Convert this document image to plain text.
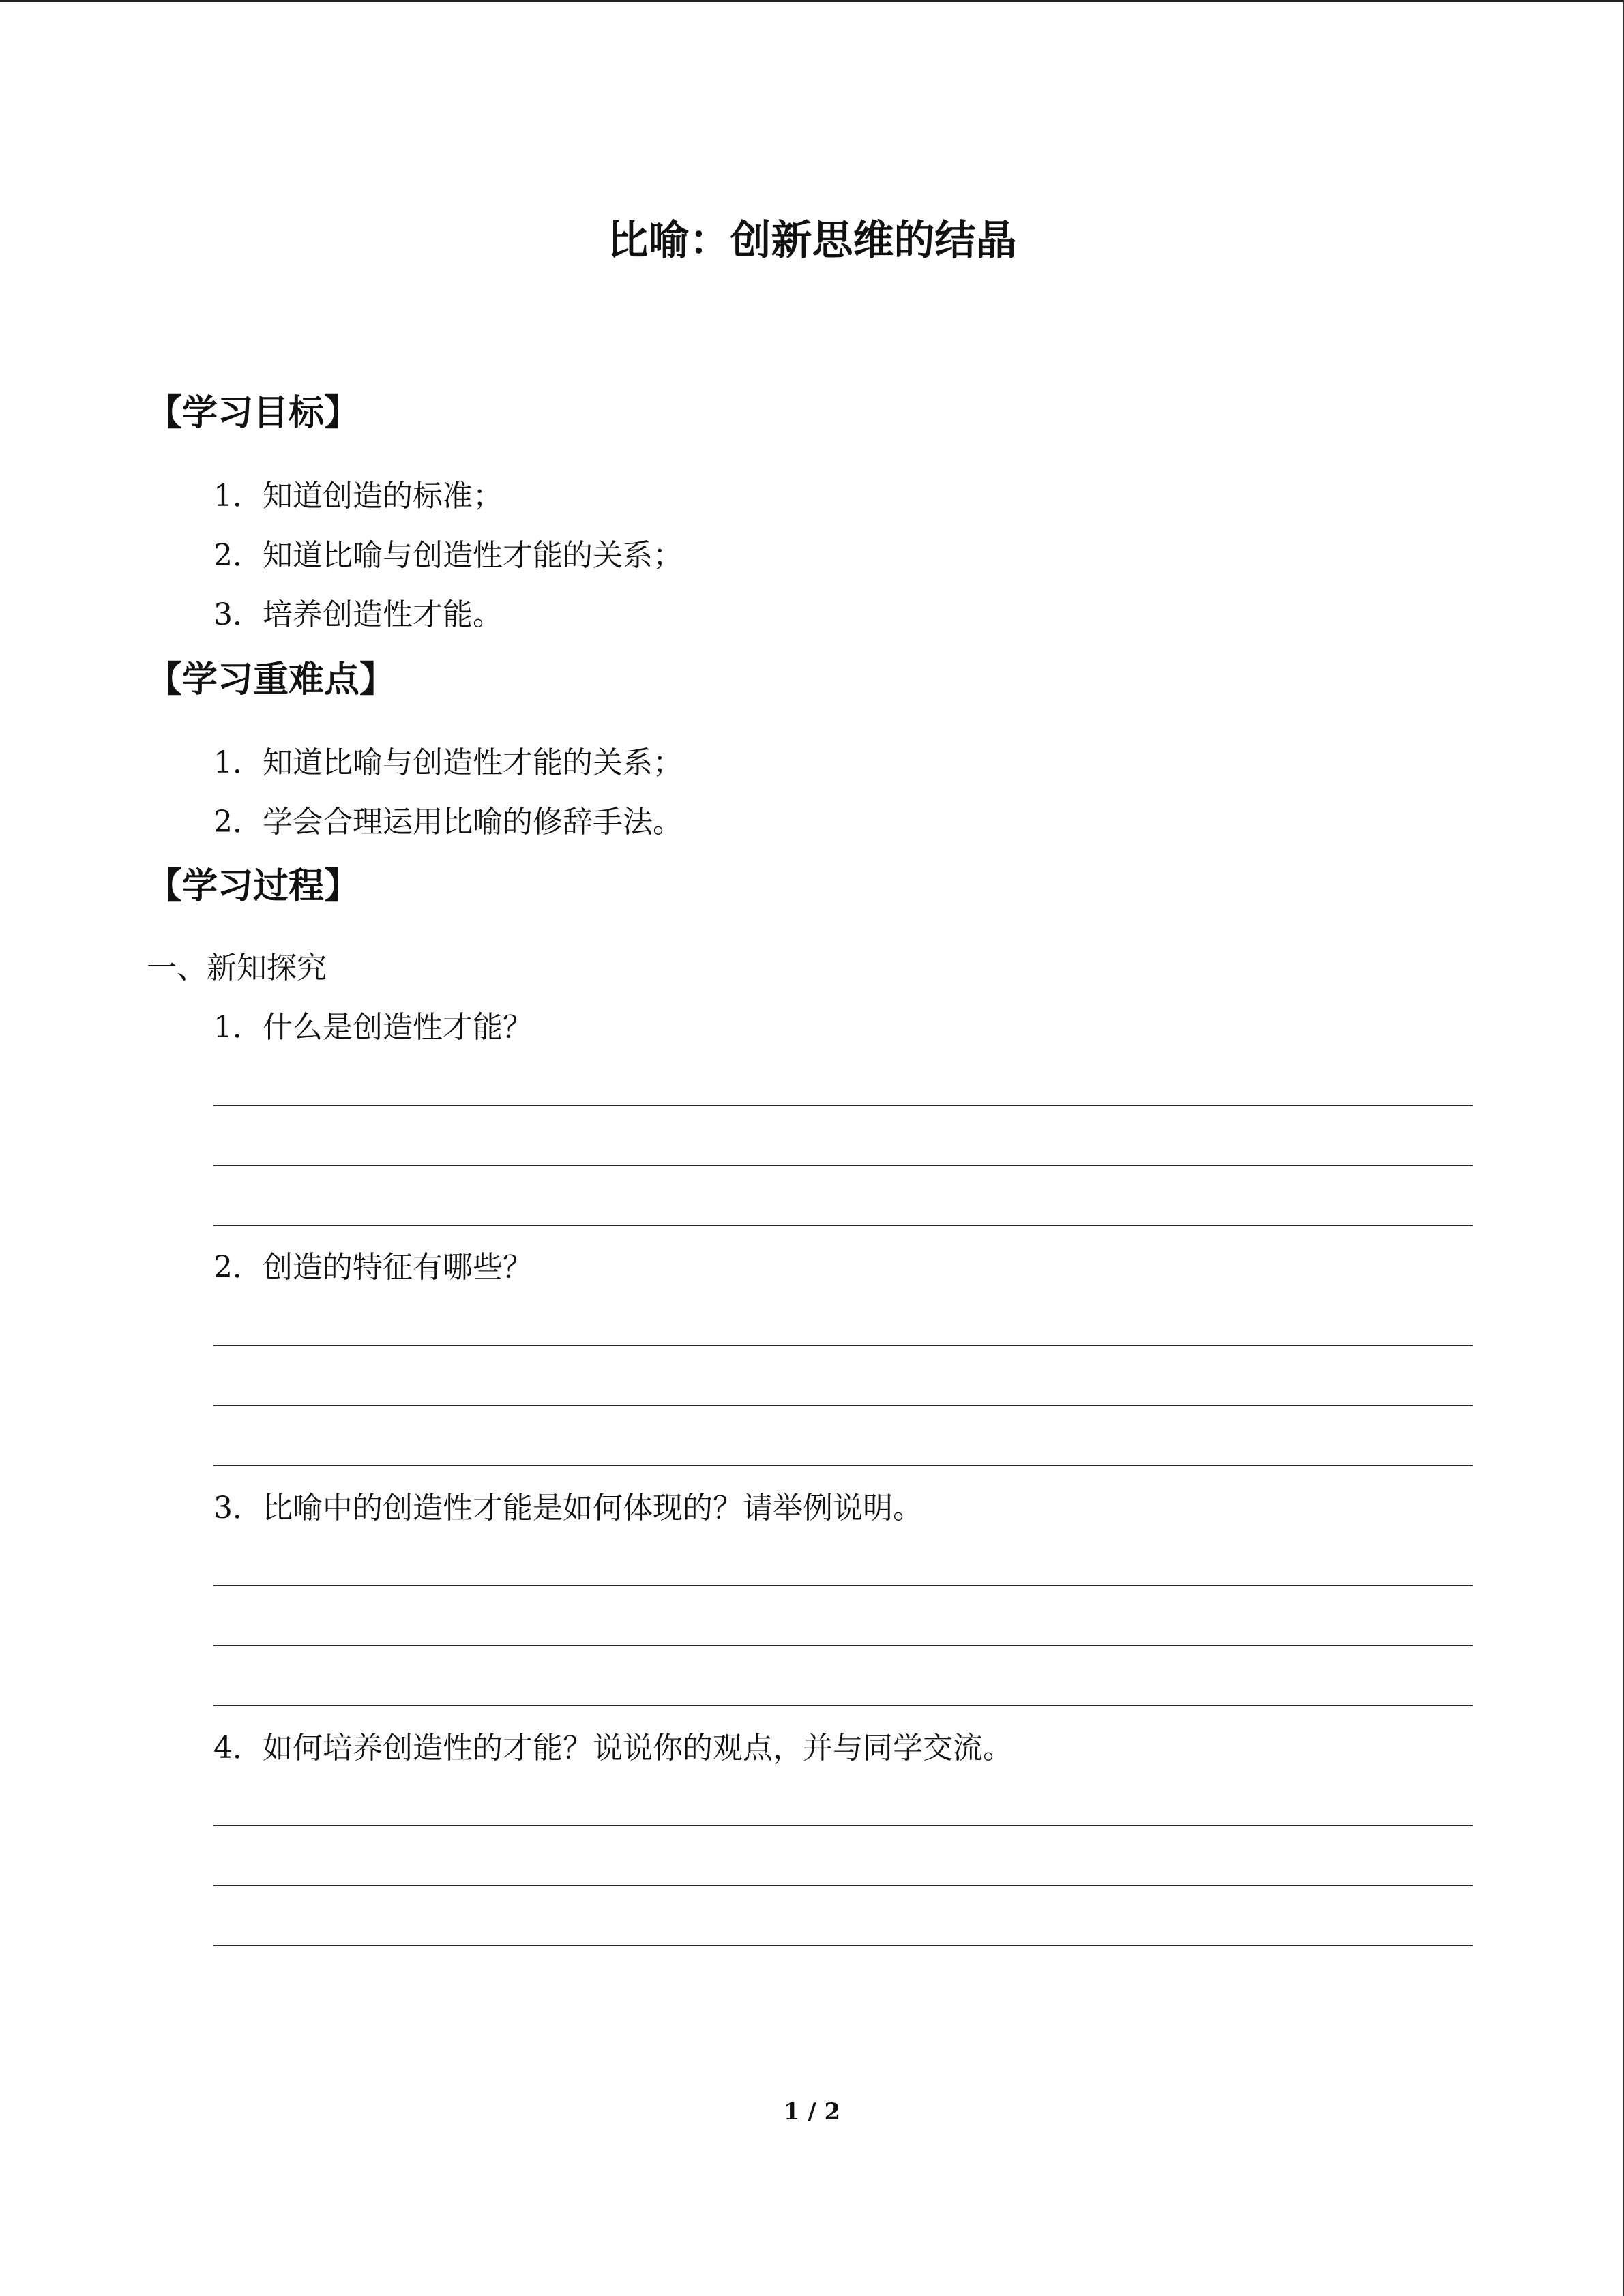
比喻：创新思维的结晶
【学习目标】
1．知道创造的标准；
2．知道比喻与创造性才能的关系；
3．培养创造性才能。
【学习重难点】
1．知道比喻与创造性才能的关系；
2．学会合理运用比喻的修辞手法。
【学习过程】
一、新知探究
1．什么是创造性才能？
2．创造的特征有哪些？
3．比喻中的创造性才能是如何体现的？请举例说明。
4．如何培养创造性的才能？说说你的观点，并与同学交流。
1 / 2
